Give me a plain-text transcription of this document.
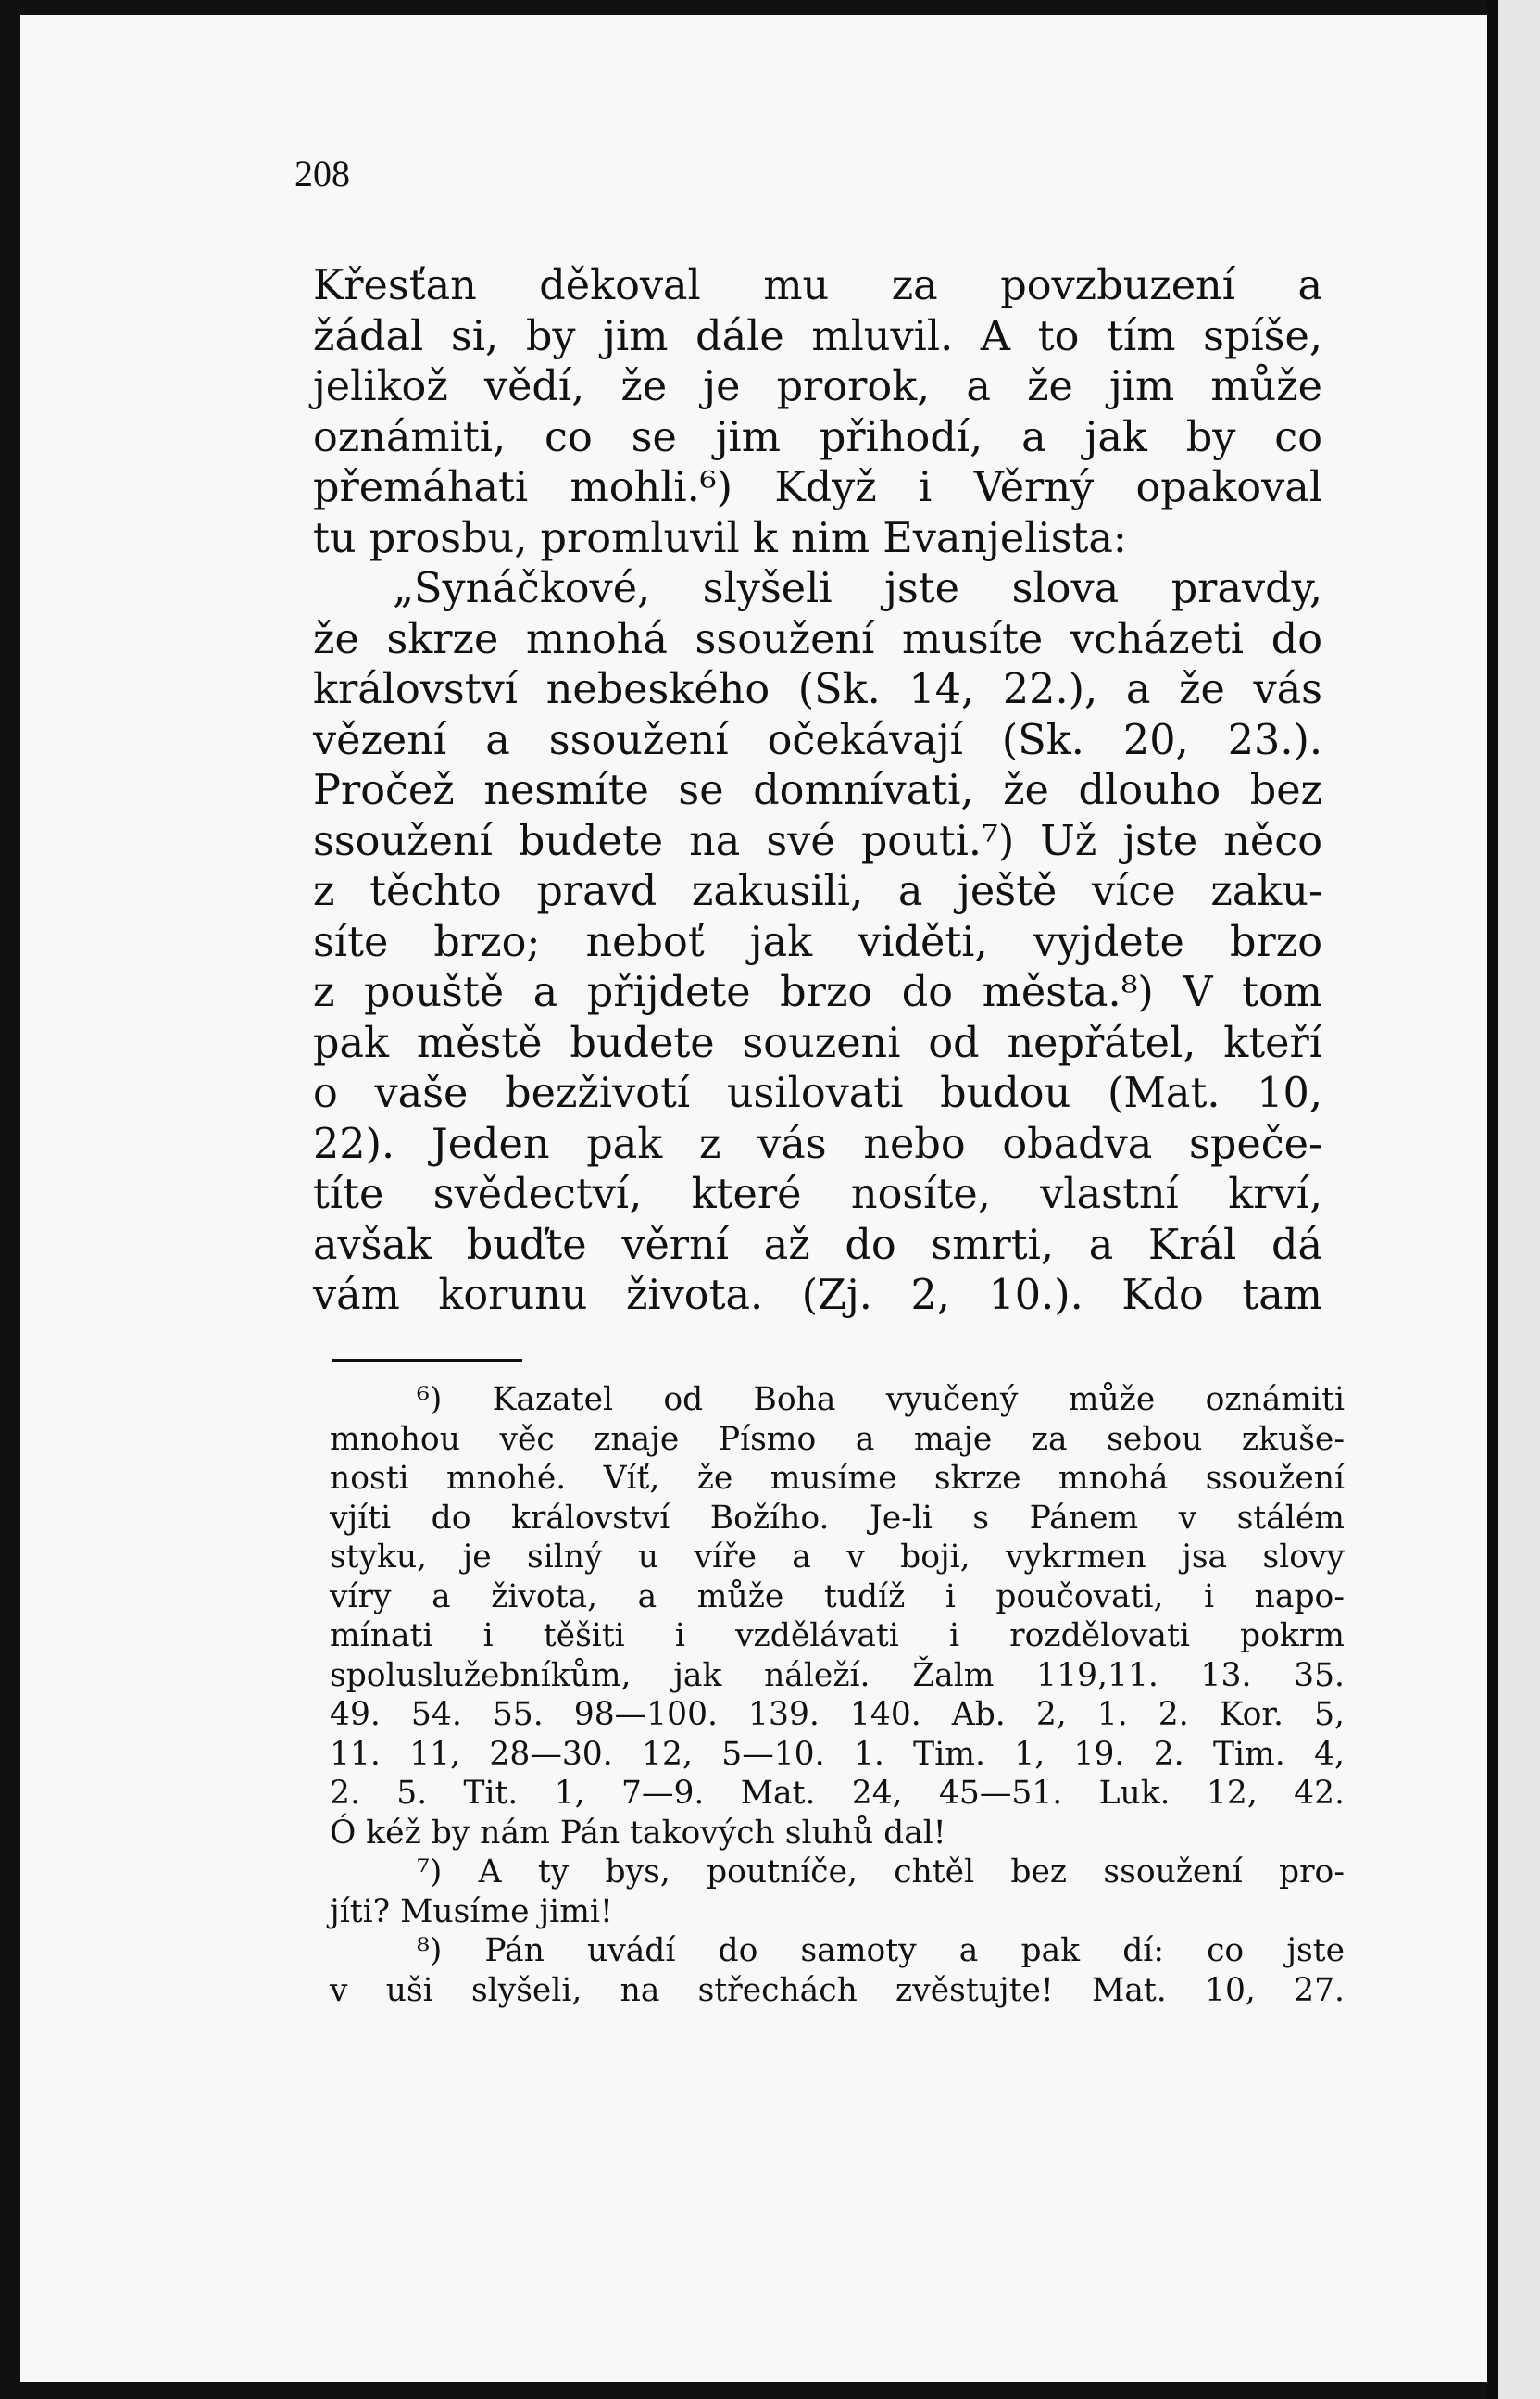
208
Křesťan děkoval mu za povzbuzení a
žádal si, by jim dále mluvil. A to tím spíše,
jelikož vědí, že je prorok, a že jim může
oznámiti, co se jim přihodí, a jak by co
přemáhati mohli.⁶) Když i Věrný opakoval
tu prosbu, promluvil k nim Evanjelista:
„Synáčkové, slyšeli jste slova pravdy,
že skrze mnohá ssoužení musíte vcházeti do
království nebeského (Sk. 14, 22.), a že vás
vězení a ssoužení očekávají (Sk. 20, 23.).
Pročež nesmíte se domnívati, že dlouho bez
ssoužení budete na své pouti.⁷) Už jste něco
z těchto pravd zakusili, a ještě více zaku-
síte brzo; neboť jak viděti, vyjdete brzo
z pouště a přijdete brzo do města.⁸) V tom
pak městě budete souzeni od nepřátel, kteří
o vaše bezživotí usilovati budou (Mat. 10,
22). Jeden pak z vás nebo obadva speče-
títe svědectví, které nosíte, vlastní krví,
avšak buďte věrní až do smrti, a Král dá
vám korunu života. (Zj. 2, 10.). Kdo tam
⁶) Kazatel od Boha vyučený může oznámiti
mnohou věc znaje Písmo a maje za sebou zkuše-
nosti mnohé. Víť, že musíme skrze mnohá ssoužení
vjíti do království Božího. Je-li s Pánem v stálém
styku, je silný u víře a v boji, vykrmen jsa slovy
víry a života, a může tudíž i poučovati, i napo-
mínati i těšiti i vzdělávati i rozdělovati pokrm
spoluslužebníkům, jak náleží. Žalm 119,11. 13. 35.
49. 54. 55. 98—100. 139. 140. Ab. 2, 1. 2. Kor. 5,
11. 11, 28—30. 12, 5—10. 1. Tim. 1, 19. 2. Tim. 4,
2. 5. Tit. 1, 7—9. Mat. 24, 45—51. Luk. 12, 42.
Ó kéž by nám Pán takových sluhů dal!
⁷) A ty bys, poutníče, chtěl bez ssoužení pro-
jíti? Musíme jimi!
⁸) Pán uvádí do samoty a pak dí: co jste
v uši slyšeli, na střechách zvěstujte! Mat. 10, 27.
